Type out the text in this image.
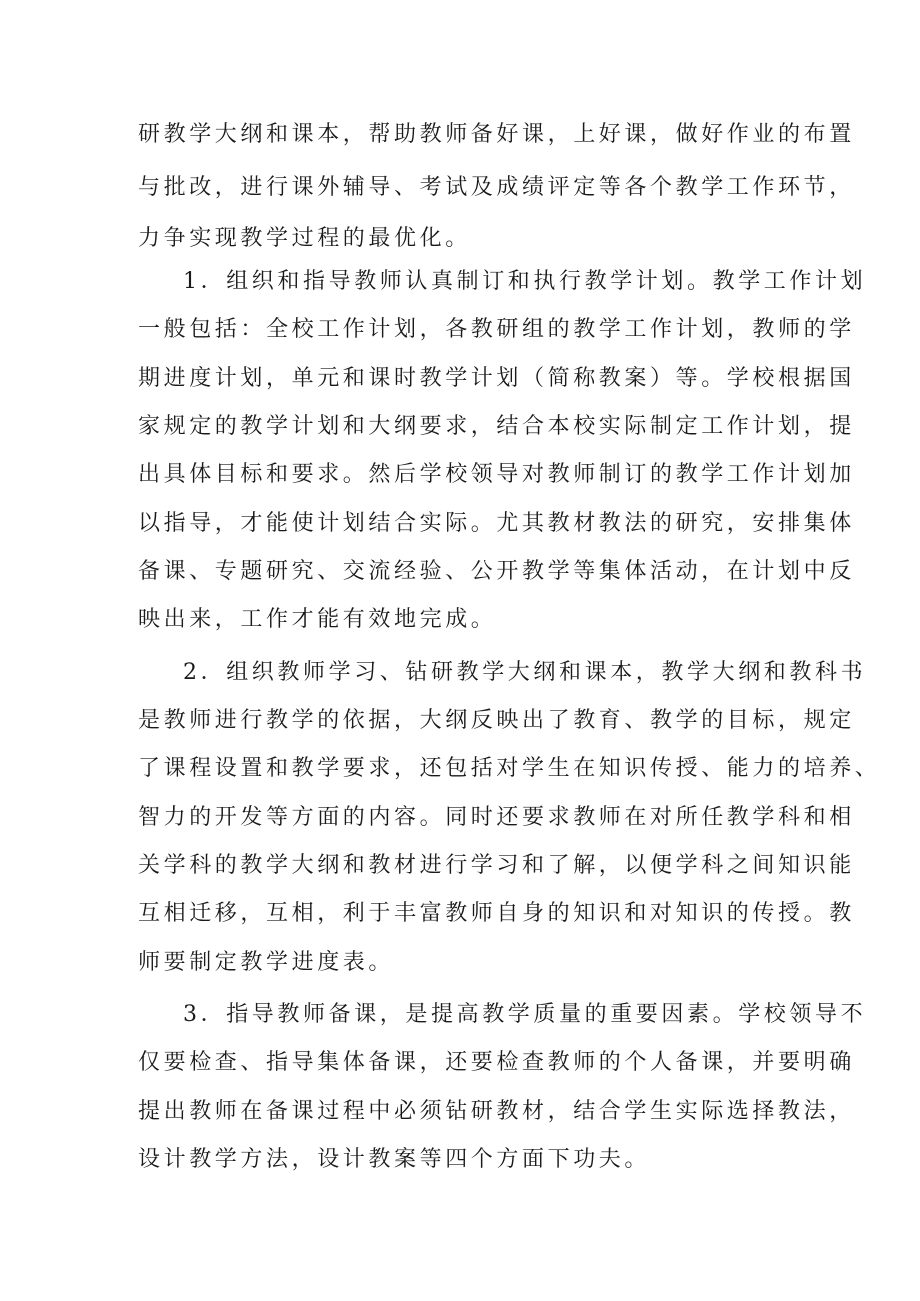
研教学大纲和课本，帮助教师备好课，上好课，做好作业的布置
与批改，进行课外辅导、考试及成绩评定等各个教学工作环节，
力争实现教学过程的最优化。
1．组织和指导教师认真制订和执行教学计划。教学工作计划
一般包括：全校工作计划，各教研组的教学工作计划，教师的学
期进度计划，单元和课时教学计划（简称教案）等。学校根据国
家规定的教学计划和大纲要求，结合本校实际制定工作计划，提
出具体目标和要求。然后学校领导对教师制订的教学工作计划加
以指导，才能使计划结合实际。尤其教材教法的研究，安排集体
备课、专题研究、交流经验、公开教学等集体活动，在计划中反
映出来，工作才能有效地完成。
2．组织教师学习、钻研教学大纲和课本，教学大纲和教科书
是教师进行教学的依据，大纲反映出了教育、教学的目标，规定
了课程设置和教学要求，还包括对学生在知识传授、能力的培养、
智力的开发等方面的内容。同时还要求教师在对所任教学科和相
关学科的教学大纲和教材进行学习和了解，以便学科之间知识能
互相迁移，互相，利于丰富教师自身的知识和对知识的传授。教
师要制定教学进度表。
3．指导教师备课，是提高教学质量的重要因素。学校领导不
仅要检查、指导集体备课，还要检查教师的个人备课，并要明确
提出教师在备课过程中必须钻研教材，结合学生实际选择教法，
设计教学方法，设计教案等四个方面下功夫。
